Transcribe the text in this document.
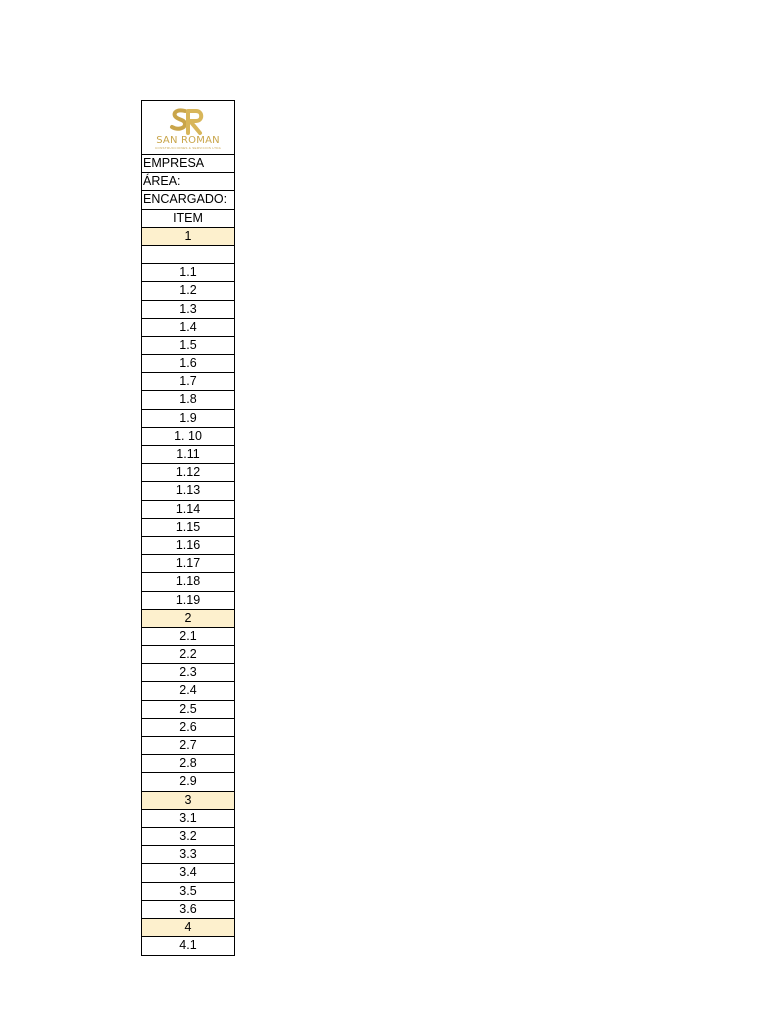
SAN ROMAN
CONSTRUCCIONES & SERVICIOS LTDA
EMPRESA
ÁREA:
ENCARGADO:
ITEM
1
1.1
1.2
1.3
1.4
1.5
1.6
1.7
1.8
1.9
1. 10
1.11
1.12
1.13
1.14
1.15
1.16
1.17
1.18
1.19
2
2.1
2.2
2.3
2.4
2.5
2.6
2.7
2.8
2.9
3
3.1
3.2
3.3
3.4
3.5
3.6
4
4.1
